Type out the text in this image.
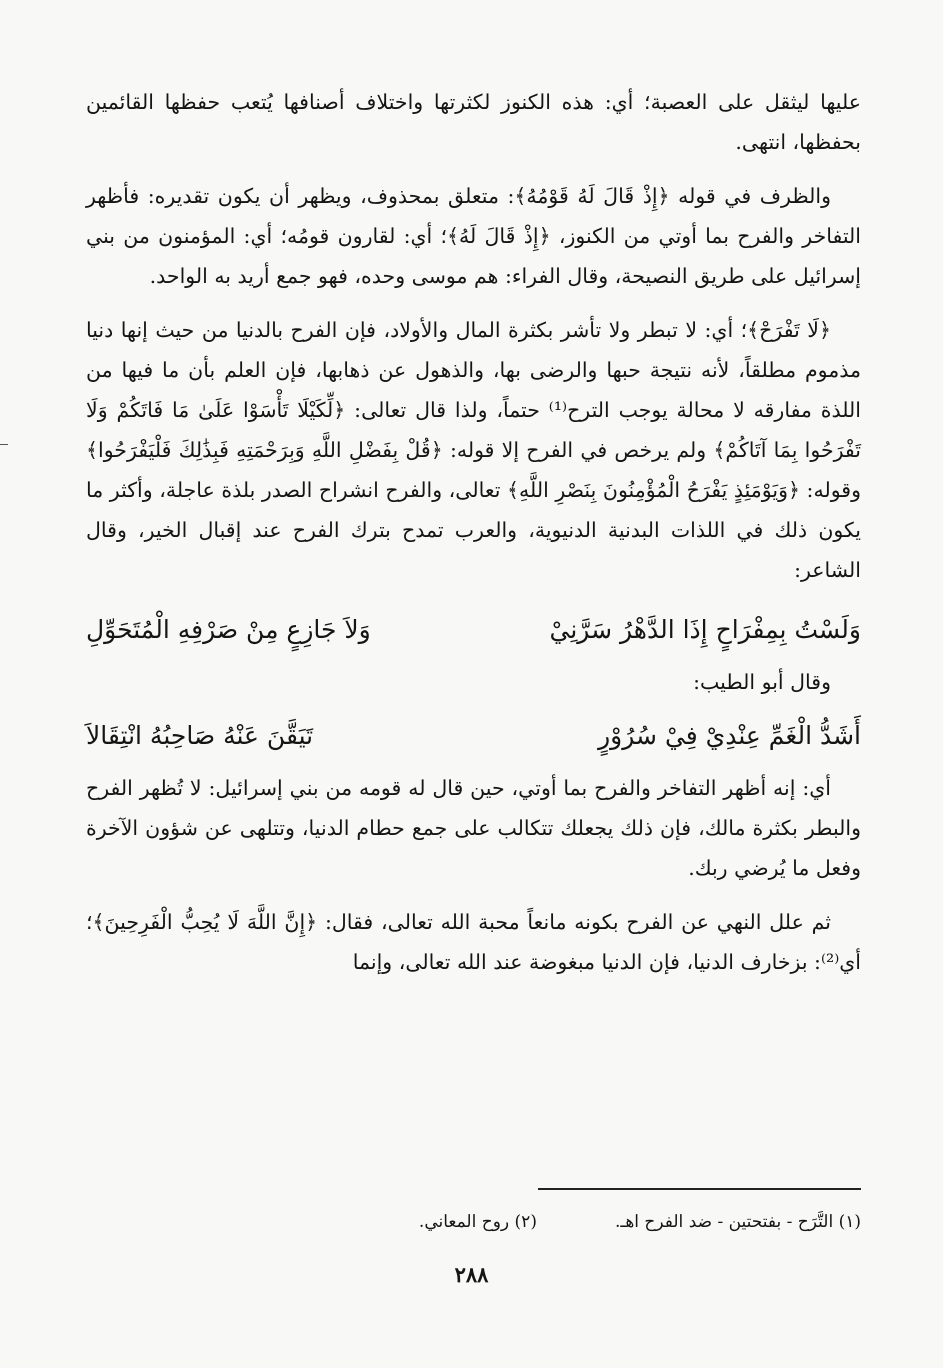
عليها ليثقل على العصبة؛ أي: هذه الكنوز لكثرتها واختلاف أصنافها يُتعب حفظها القائمين بحفظها، انتهى.

والظرف في قوله ﴿إِذْ قَالَ لَهُ قَوْمُهُ﴾: متعلق بمحذوف، ويظهر أن يكون تقديره: فأظهر التفاخر والفرح بما أوتي من الكنوز، ﴿إِذْ قَالَ لَهُ﴾؛ أي: لقارون قومُه؛ أي: المؤمنون من بني إسرائيل على طريق النصيحة، وقال الفراء: هم موسى وحده، فهو جمع أريد به الواحد.

﴿لَا تَفْرَحْ﴾؛ أي: لا تبطر ولا تأشر بكثرة المال والأولاد، فإن الفرح بالدنيا من حيث إنها دنيا مذموم مطلقاً، لأنه نتيجة حبها والرضى بها، والذهول عن ذهابها، فإن العلم بأن ما فيها من اللذة مفارقه لا محالة يوجب الترح⁽¹⁾ حتماً، ولذا قال تعالى: ﴿لِّكَيْلَا تَأْسَوْا عَلَىٰ مَا فَاتَكُمْ وَلَا تَفْرَحُوا بِمَا آتَاكُمْ﴾ ولم يرخص في الفرح إلا قوله: ﴿قُلْ بِفَضْلِ اللَّهِ وَبِرَحْمَتِهِ فَبِذَٰلِكَ فَلْيَفْرَحُوا﴾ وقوله: ﴿وَيَوْمَئِذٍ يَفْرَحُ الْمُؤْمِنُونَ بِنَصْرِ اللَّهِ﴾ تعالى، والفرح انشراح الصدر بلذة عاجلة، وأكثر ما يكون ذلك في اللذات البدنية الدنيوية، والعرب تمدح بترك الفرح عند إقبال الخير، وقال الشاعر:

وَلَسْتُ بِمِفْرَاحٍ إِذَا الدَّهْرُ سَرَّنِيْ
وَلاَ جَازِعٍ مِنْ صَرْفِهِ الْمُتَحَوِّلِ

وقال أبو الطيب:

أَشَدُّ الْغَمِّ عِنْدِيْ فِيْ سُرُوْرٍ
تَيَقَّنَ عَنْهُ صَاحِبُهُ انْتِقَالاَ

أي: إنه أظهر التفاخر والفرح بما أوتي، حين قال له قومه من بني إسرائيل: لا تُظهر الفرح والبطر بكثرة مالك، فإن ذلك يجعلك تتكالب على جمع حطام الدنيا، وتتلهى عن شؤون الآخرة وفعل ما يُرضي ربك.

ثم علل النهي عن الفرح بكونه مانعاً محبة الله تعالى، فقال: ﴿إِنَّ اللَّهَ لَا يُحِبُّ الْفَرِحِينَ﴾؛ أي⁽²⁾: بزخارف الدنيا، فإن الدنيا مبغوضة عند الله تعالى، وإنما

(١) التَّرَح - بفتحتين - ضد الفرح اهـ.
(٢) روح المعاني.
٢٨٨
